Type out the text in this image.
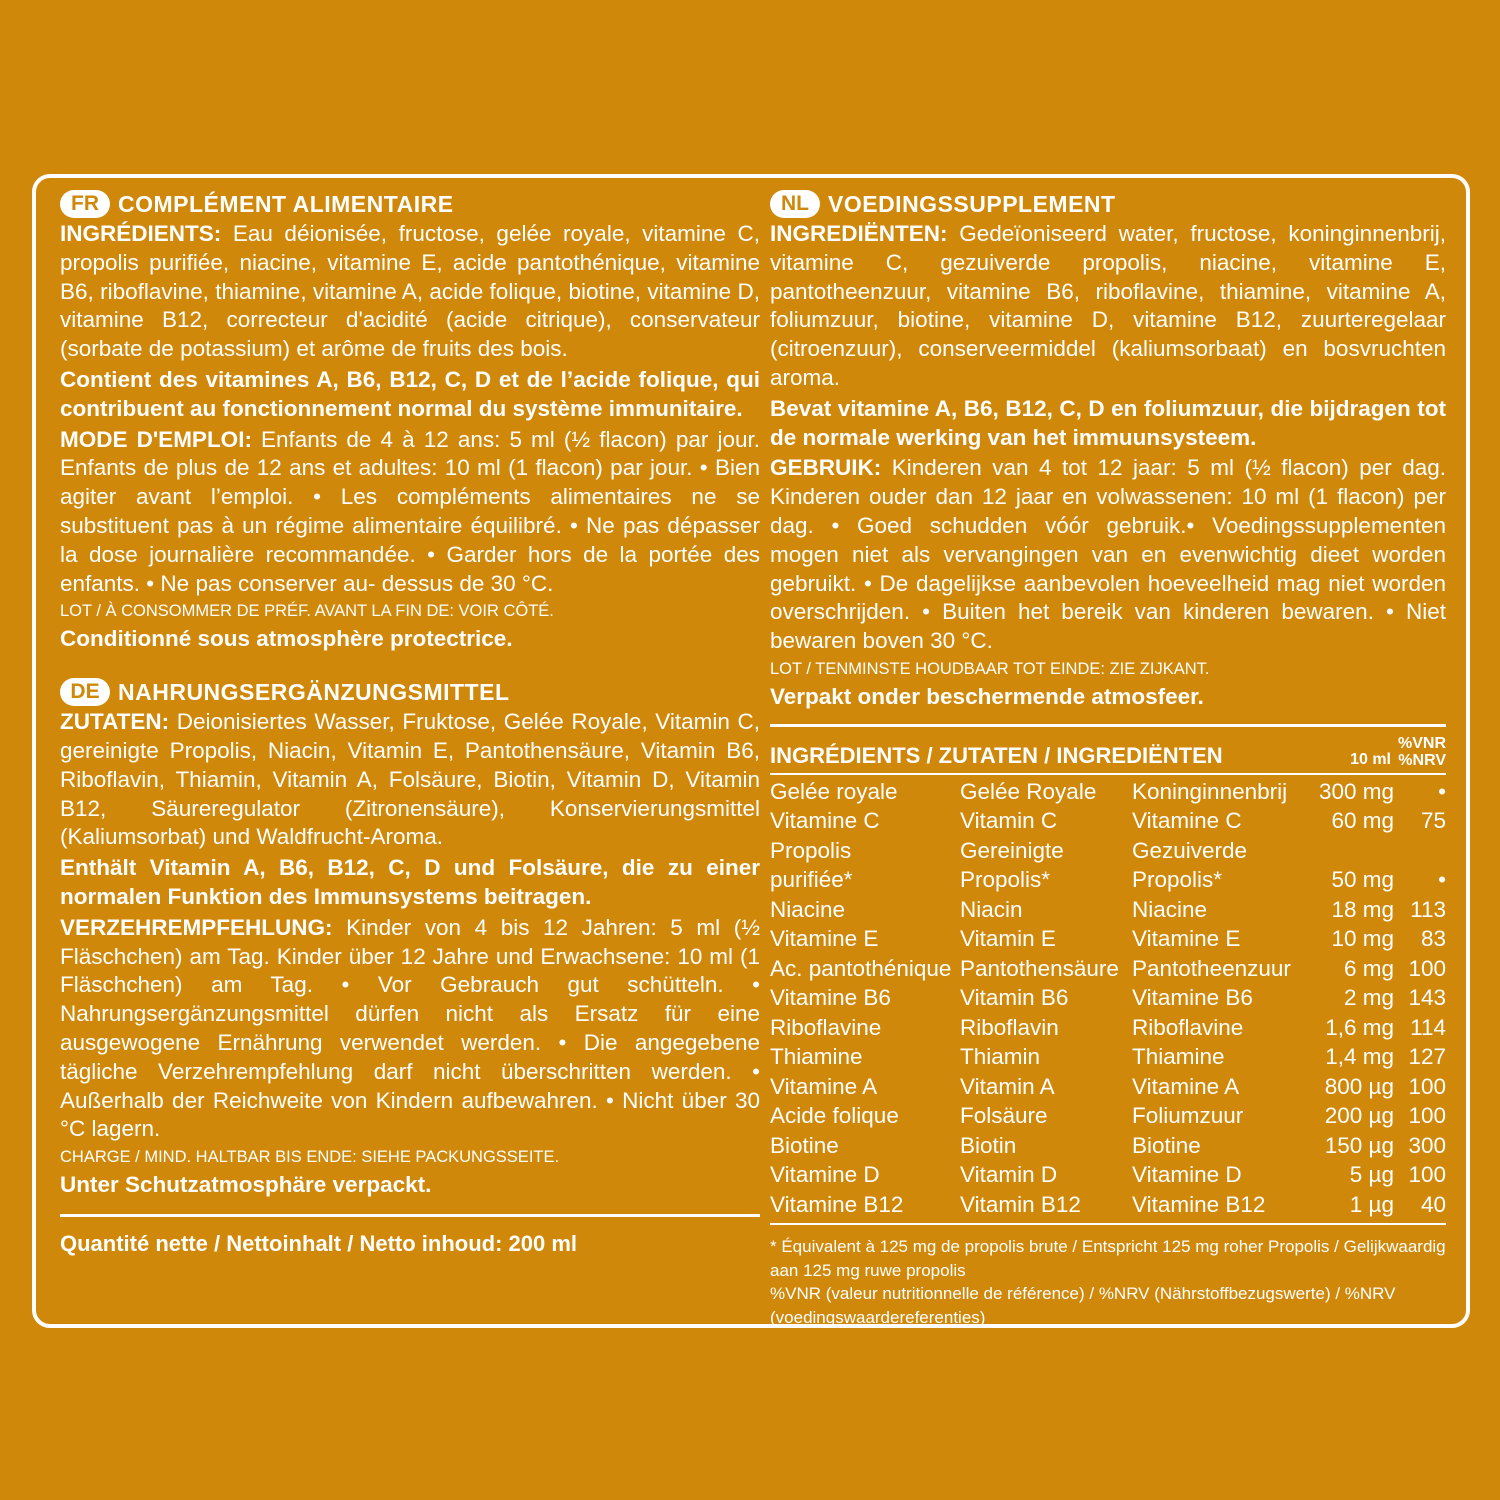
FR COMPLÉMENT ALIMENTAIRE

INGRÉDIENTS: Eau déionisée, fructose, gelée royale, vitamine C, propolis purifiée, niacine, vitamine E, acide pantothénique, vitamine B6, riboflavine, thiamine, vitamine A, acide folique, biotine, vitamine D, vitamine B12, correcteur d'acidité (acide citrique), conservateur (sorbate de potassium) et arôme de fruits des bois.

Contient des vitamines A, B6, B12, C, D et de l’acide folique, qui contribuent au fonctionnement normal du système immunitaire.

MODE D'EMPLOI: Enfants de 4 à 12 ans: 5 ml (½ flacon) par jour. Enfants de plus de 12 ans et adultes: 10 ml (1 flacon) par jour. • Bien agiter avant l’emploi. • Les compléments alimentaires ne se substituent pas à un régime alimentaire équilibré. • Ne pas dépasser la dose journalière recommandée. • Garder hors de la portée des enfants. • Ne pas conserver au- dessus de 30 °C.

LOT / À CONSOMMER DE PRÉF. AVANT LA FIN DE: VOIR CÔTÉ.

Conditionné sous atmosphère protectrice.

DE NAHRUNGSERGÄNZUNGSMITTEL

ZUTATEN: Deionisiertes Wasser, Fruktose, Gelée Royale, Vitamin C, gereinigte Propolis, Niacin, Vitamin E, Pantothensäure, Vitamin B6, Riboflavin, Thiamin, Vitamin A, Folsäure, Biotin, Vitamin D, Vitamin B12, Säureregulator (Zitronensäure), Konservierungsmittel (Kaliumsorbat) und Waldfrucht-Aroma.

Enthält Vitamin A, B6, B12, C, D und Folsäure, die zu einer normalen Funktion des Immunsystems beitragen.

VERZEHREMPFEHLUNG: Kinder von 4 bis 12 Jahren: 5 ml (½ Fläschchen) am Tag. Kinder über 12 Jahre und Erwachsene: 10 ml (1 Fläschchen) am Tag. • Vor Gebrauch gut schütteln. • Nahrungsergänzungsmittel dürfen nicht als Ersatz für eine ausgewogene Ernährung verwendet werden. • Die angegebene tägliche Verzehrempfehlung darf nicht überschritten werden. • Außerhalb der Reichweite von Kindern aufbewahren. • Nicht über 30 °C lagern.

CHARGE / MIND. HALTBAR BIS ENDE: SIEHE PACKUNGSSEITE.

Unter Schutzatmosphäre verpackt.

Quantité nette / Nettoinhalt / Netto inhoud: 200 ml
NL VOEDINGSSUPPLEMENT

INGREDIËNTEN: Gedeïoniseerd water, fructose, koninginnenbrij, vitamine C, gezuiverde propolis, niacine, vitamine E, pantotheenzuur, vitamine B6, riboflavine, thiamine, vitamine A, foliumzuur, biotine, vitamine D, vitamine B12, zuurteregelaar (citroenzuur), conserveermiddel (kaliumsorbaat) en bosvruchten aroma.

Bevat vitamine A, B6, B12, C, D en foliumzuur, die bijdragen tot de normale werking van het immuunsysteem.

GEBRUIK: Kinderen van 4 tot 12 jaar: 5 ml (½ flacon) per dag. Kinderen ouder dan 12 jaar en volwassenen: 10 ml (1 flacon) per dag. • Goed schudden vóór gebruik.• Voedingssupplementen mogen niet als vervangingen van en evenwichtig dieet worden gebruikt. • De dagelijkse aanbevolen hoeveelheid mag niet worden overschrijden. • Buiten het bereik van kinderen bewaren. • Niet bewaren boven 30 °C.

LOT / TENMINSTE HOUDBAAR TOT EINDE: ZIE ZIJKANT.

Verpakt onder beschermende atmosfeer.

INGRÉDIENTS / ZUTATEN / INGREDIËNTEN	10 ml
%VNR
%NRV
Gelée royale	Gelée Royale	Koninginnenbrij	300 mg	•
Vitamine C	Vitamin C	Vitamine C	60 mg	75
Propolis	Gereinigte	Gezuiverde
purifiée*	Propolis*	Propolis*	50 mg	•
Niacine	Niacin	Niacine	18 mg 113
Vitamine E	Vitamin E	Vitamine E	10 mg	83
Ac. pantothénique Pantothensäure Pantotheenzuur	6 mg 100
Vitamine B6	Vitamin B6	Vitamine B6	2 mg 143
Riboflavine	Riboflavin	Riboflavine	1,6 mg 114
Thiamine	Thiamin	Thiamine	1,4 mg 127
Vitamine A	Vitamin A	Vitamine A	800 µg 100
Acide folique	Folsäure	Foliumzuur	200 µg 100
Biotine	Biotin	Biotine	150 µg 300
Vitamine D	Vitamin D	Vitamine D	5 µg 100
Vitamine B12	Vitamin B12	Vitamine B12	1 µg	40
* Équivalent à 125 mg de propolis brute / Entspricht 125 mg roher Propolis / Gelijkwaardig aan 125 mg ruwe propolis
%VNR (valeur nutritionnelle de référence) / %NRV (Nährstoffbezugswerte) / %NRV (voedingswaardereferenties)
